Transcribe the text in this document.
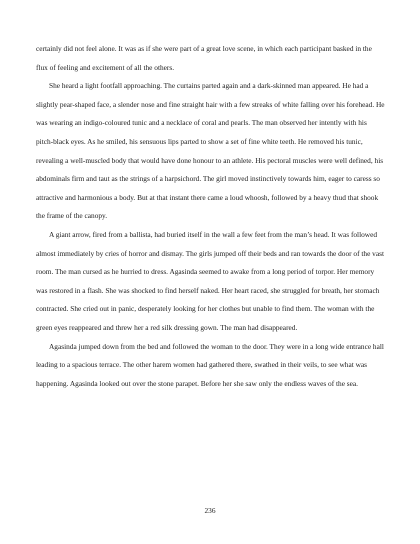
certainly did not feel alone. It was as if she were part of a great love scene, in which each participant basked in the flux of feeling and excitement of all the others.

She heard a light footfall approaching. The curtains parted again and a dark-skinned man appeared. He had a slightly pear-shaped face, a slender nose and fine straight hair with a few streaks of white falling over his forehead. He was wearing an indigo-coloured tunic and a necklace of coral and pearls. The man observed her intently with his pitch-black eyes. As he smiled, his sensuous lips parted to show a set of fine white teeth. He removed his tunic, revealing a well-muscled body that would have done honour to an athlete. His pectoral muscles were well defined, his abdominals firm and taut as the strings of a harpsichord. The girl moved instinctively towards him, eager to caress so attractive and harmonious a body. But at that instant there came a loud whoosh, followed by a heavy thud that shook the frame of the canopy.

A giant arrow, fired from a ballista, had buried itself in the wall a few feet from the man’s head. It was followed almost immediately by cries of horror and dismay. The girls jumped off their beds and ran towards the door of the vast room. The man cursed as he hurried to dress. Agasinda seemed to awake from a long period of torpor. Her memory was restored in a flash. She was shocked to find herself naked. Her heart raced, she struggled for breath, her stomach contracted. She cried out in panic, desperately looking for her clothes but unable to find them. The woman with the green eyes reappeared and threw her a red silk dressing gown. The man had disappeared.

Agasinda jumped down from the bed and followed the woman to the door. They were in a long wide entrance hall leading to a spacious terrace. The other harem women had gathered there, swathed in their veils, to see what was happening. Agasinda looked out over the stone parapet. Before her she saw only the endless waves of the sea.

236
